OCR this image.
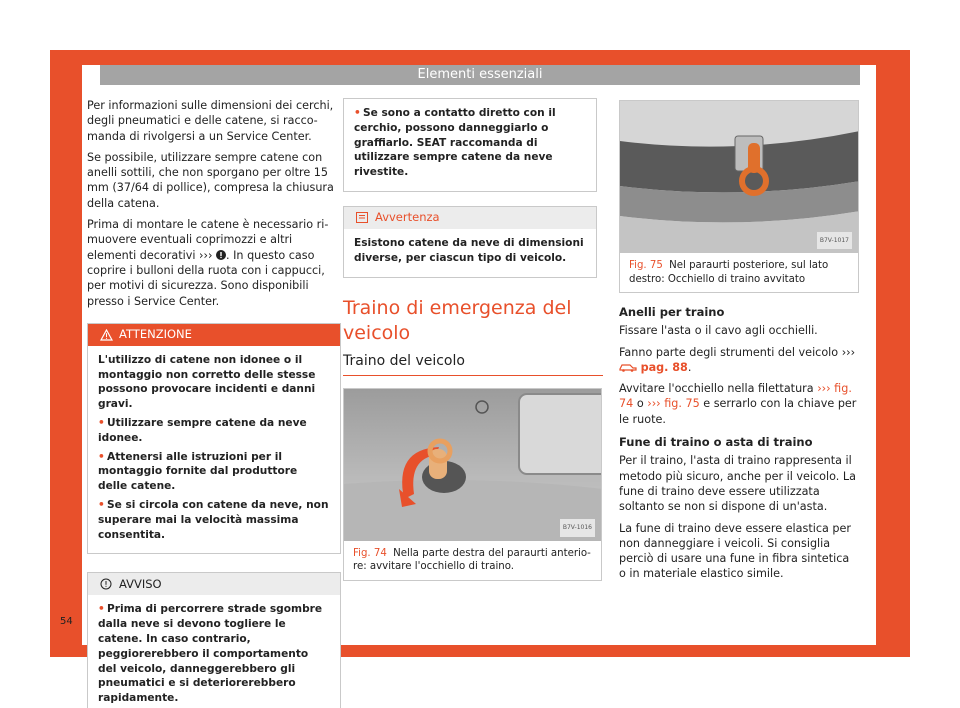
Elementi essenziali

Per informazioni sulle dimensioni dei cerchi, degli pneumatici e delle catene, si raccomanda di rivolgersi a un Service Center.

Se possibile, utilizzare sempre catene con anelli sottili, che non sporgano per oltre 15 mm (37/64 di pollice), compresa la chiusura della catena.

Prima di montare le catene è necessario rimuovere eventuali coprimozzi e altri elementi decorativi ››› . In questo caso coprire i bulloni della ruota con i cappucci, per motivi di sicurezza. Sono disponibili presso i Service Center.

ATTENZIONE

L'utilizzo di catene non idonee o il montaggio non corretto delle stesse possono provocare incidenti e danni gravi.

• Utilizzare sempre catene da neve idonee.

• Attenersi alle istruzioni per il montaggio fornite dal produttore delle catene.

• Se si circola con catene da neve, non superare mai la velocità massima consentita.

AVVISO

• Prima di percorrere strade sgombre dalla neve si devono togliere le catene. In caso contrario, peggiorerebbero il comportamento del veicolo, danneggerebbero gli pneumatici e si deteriorerebbero rapidamente.

• Se sono a contatto diretto con il cerchio, possono danneggiarlo o graffiarlo. SEAT raccomanda di utilizzare sempre catene da neve rivestite.

Avvertenza

Esistono catene da neve di dimensioni diverse, per ciascun tipo di veicolo.

Traino di emergenza del veicolo
Traino del veicolo
B7V-1016
Fig. 74 Nella parte destra del paraurti anteriore: avvitare l'occhiello di traino.
B7V-1017
Fig. 75 Nel paraurti posteriore, sul lato destro: Occhiello di traino avvitato
Anelli per traino

Fissare l'asta o il cavo agli occhielli.

Fanno parte degli strumenti del veicolo ›››  pag. 88.

Avvitare l'occhiello nella filettatura ››› fig. 74 o ››› fig. 75 e serrarlo con la chiave per le ruote.

Fune di traino o asta di traino

Per il traino, l'asta di traino rappresenta il metodo più sicuro, anche per il veicolo. La fune di traino deve essere utilizzata soltanto se non si dispone di un'asta.

La fune di traino deve essere elastica per non danneggiare i veicoli. Si consiglia perciò di usare una fune in fibra sintetica o in materiale elastico simile.

54
